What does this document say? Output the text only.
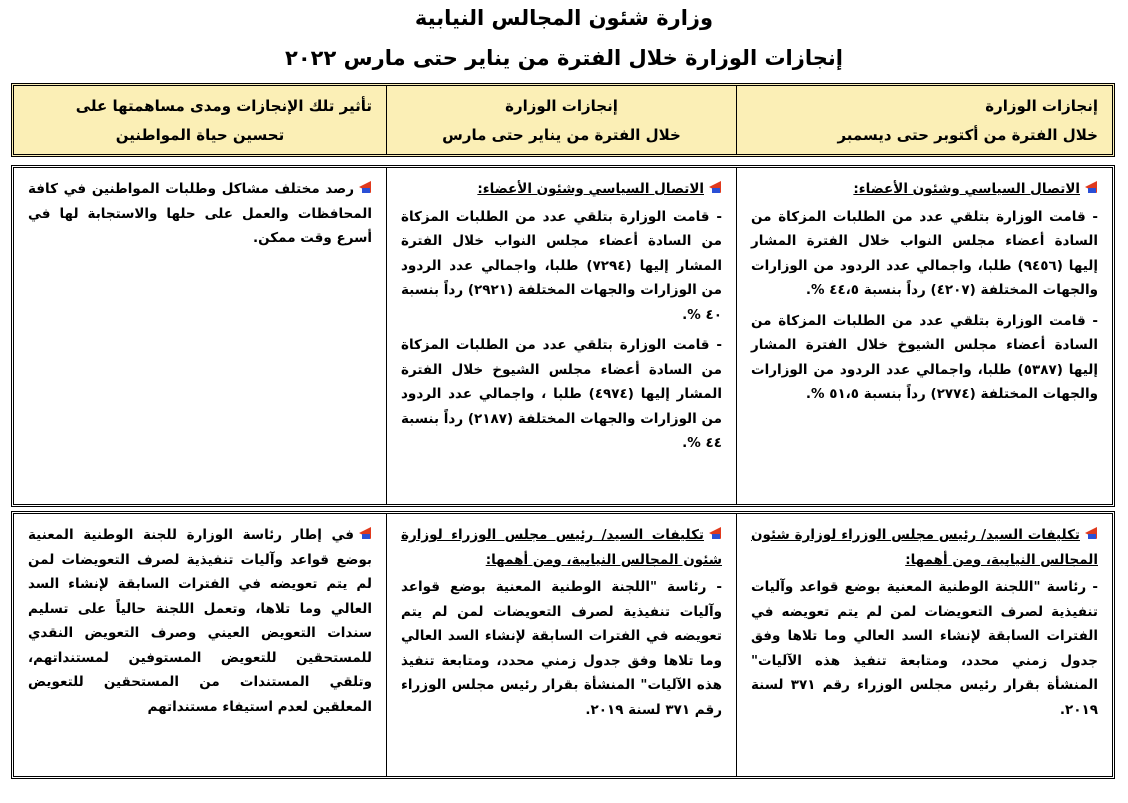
وزارة شئون المجالس النيابية
إنجازات الوزارة خلال الفترة من يناير حتى مارس ٢٠٢٢
إنجازات الوزارة
خلال الفترة من أكتوبر حتى ديسمبر
إنجازات الوزارة
خلال الفترة من يناير حتى مارس
تأثير تلك الإنجازات ومدى مساهمتها على
تحسين حياة المواطنين
الاتصال السياسي وشئون الأعضاء:
- قامت الوزارة بتلقي عدد من الطلبات المزكاة من السادة أعضاء مجلس النواب خلال الفترة المشار إليها (٩٤٥٦) طلبا، واجمالي عدد الردود من الوزارات والجهات المختلفة (٤٢٠٧) رداً بنسبة ٤٤،٥ %.
- قامت الوزارة بتلقي عدد من الطلبات المزكاة من السادة أعضاء مجلس الشيوخ خلال الفترة المشار إليها (٥٣٨٧) طلبا، واجمالي عدد الردود من الوزارات والجهات المختلفة (٢٧٧٤) رداً بنسبة ٥١،٥ %.
الاتصال السياسي وشئون الأعضاء:
- قامت الوزارة بتلقي عدد من الطلبات المزكاة من السادة أعضاء مجلس النواب خلال الفترة المشار إليها (٧٢٩٤) طلبا، واجمالي عدد الردود من الوزارات والجهات المختلفة (٢٩٢١) رداً بنسبة ٤٠ %.
- قامت الوزارة بتلقي عدد من الطلبات المزكاة من السادة أعضاء مجلس الشيوخ خلال الفترة المشار إليها (٤٩٧٤) طلبا ، واجمالي عدد الردود من الوزارات والجهات المختلفة (٢١٨٧) رداً بنسبة ٤٤ %.
رصد مختلف مشاكل وطلبات المواطنين في كافة المحافظات والعمل على حلها والاستجابة لها في أسرع وقت ممكن.
تكليفات السيد/ رئيس مجلس الوزراء لوزارة شئون المجالس النيابية، ومن أهمها:
- رئاسة "اللجنة الوطنية المعنية بوضع قواعد وآليات تنفيذية لصرف التعويضات لمن لم يتم تعويضه في الفترات السابقة لإنشاء السد العالي وما تلاها وفق جدول زمني محدد، ومتابعة تنفيذ هذه الآليات" المنشأة بقرار رئيس مجلس الوزراء رقم ٣٧١ لسنة ٢٠١٩.
تكليفات السيد/ رئيس مجلس الوزراء لوزارة شئون المجالس النيابية، ومن أهمها:
- رئاسة "اللجنة الوطنية المعنية بوضع قواعد وآليات تنفيذية لصرف التعويضات لمن لم يتم تعويضه في الفترات السابقة لإنشاء السد العالي وما تلاها وفق جدول زمني محدد، ومتابعة تنفيذ هذه الآليات" المنشأة بقرار رئيس مجلس الوزراء رقم ٣٧١ لسنة ٢٠١٩.
في إطار رئاسة الوزارة للجنة الوطنية المعنية بوضع قواعد وآليات تنفيذية لصرف التعويضات لمن لم يتم تعويضه في الفترات السابقة لإنشاء السد العالي وما تلاها، وتعمل اللجنة حالياً على تسليم سندات التعويض العيني وصرف التعويض النقدي للمستحقين للتعويض المستوفين لمستنداتهم، وتلقي المستندات من المستحقين للتعويض المعلقين لعدم استيفاء مستنداتهم
